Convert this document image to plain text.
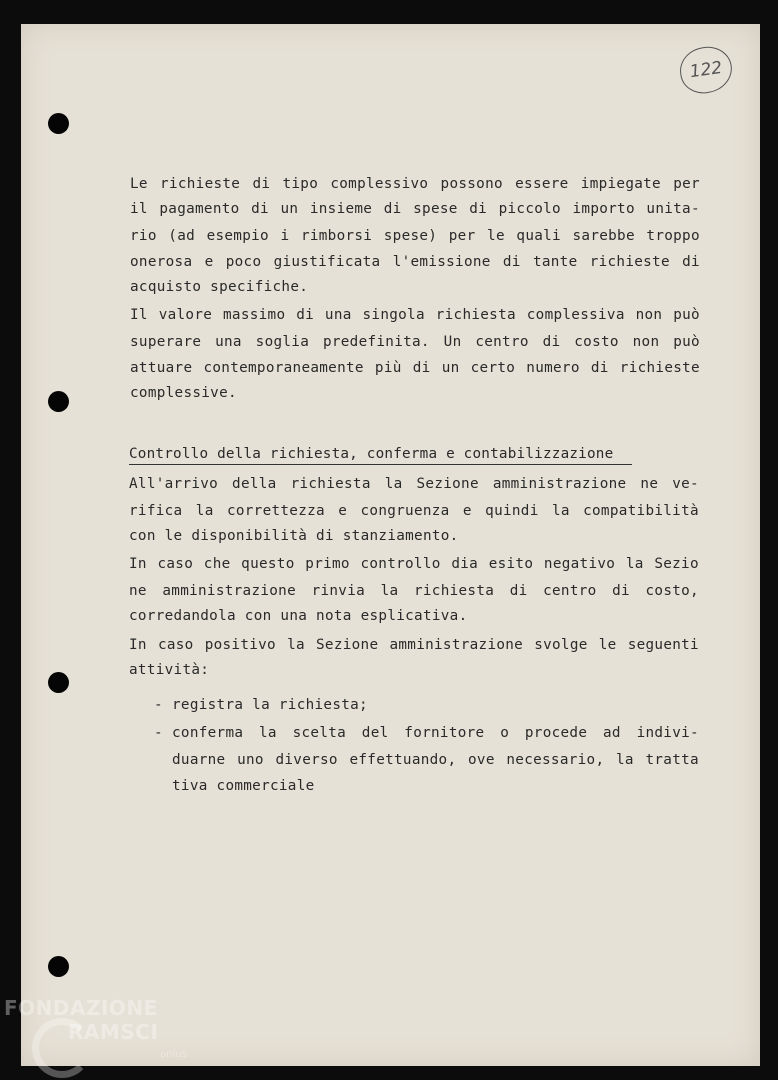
122
Le richieste di tipo complessivo possono essere impiegate per
il pagamento di un insieme di spese di piccolo importo unita-
rio (ad esempio i rimborsi spese) per le quali sarebbe troppo
onerosa e poco giustificata l'emissione di tante richieste di
acquisto specifiche.
Il valore massimo di una singola richiesta complessiva non può
superare una soglia predefinita. Un centro di costo non può
attuare contemporaneamente più di un certo numero di richieste
complessive.
Controllo della richiesta, conferma e contabilizzazione
All'arrivo della richiesta la Sezione amministrazione ne ve-
rifica la correttezza e congruenza e quindi la compatibilità
con le disponibilità di stanziamento.
In caso che questo primo controllo dia esito negativo la Sezio
ne amministrazione rinvia la richiesta di centro di costo,
corredandola con una nota esplicativa.
In caso positivo la Sezione amministrazione svolge le seguenti
attività:
- registra la richiesta;
- conferma la scelta del fornitore o procede ad indivi-
duarne uno diverso effettuando, ove necessario, la tratta
tiva commerciale
FONDAZIONE
RAMSCI
onlus
